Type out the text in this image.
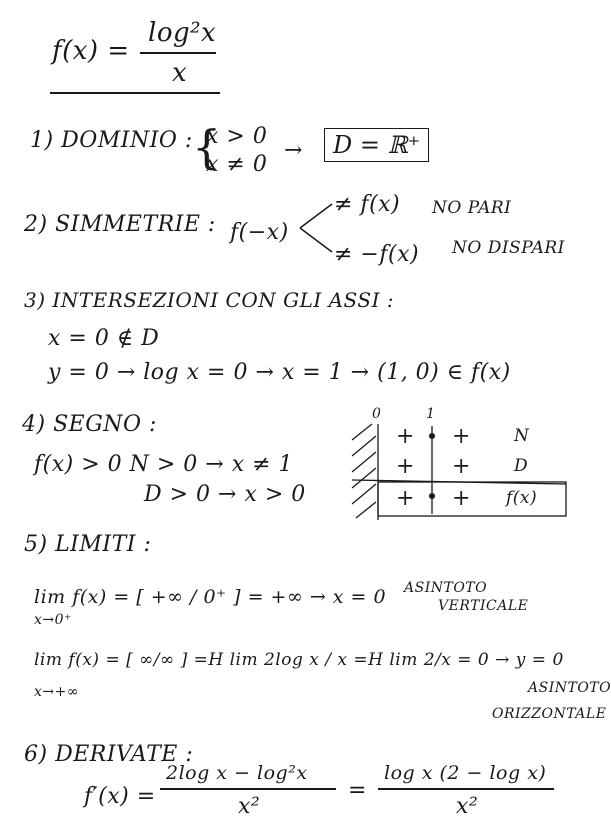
f(x) =
log²x
x
1) DOMINIO : {
x > 0
x ≠ 0
→	D = ℝ⁺
2) SIMMETRIE : f(−x)
≠ f(x) NO PARI
≠ −f(x) NO DISPARI
3) INTERSEZIONI CON GLI ASSI :
x = 0 ∉ D
y = 0 → log x = 0 → x = 1 → (1, 0) ∈ f(x)
4) SEGNO :
f(x) > 0 N > 0 → x ≠ 1
D > 0 → x > 0
0	1
+ +	N
+ +	D
+ + f(x)
5) LIMITI :
lim f(x) = [ +∞ / 0⁺ ] = +∞ → x = 0
x→0⁺
ASINTOTO
VERTICALE
lim f(x) = [ ∞/∞ ] =H lim 2log x / x =H lim 2/x = 0 → y = 0
x→+∞	ASINTOTO
ORIZZONTALE
6) DERIVATE :
f′(x) =
2log x − log²x
x²
=
log x (2 − log x)
x²
